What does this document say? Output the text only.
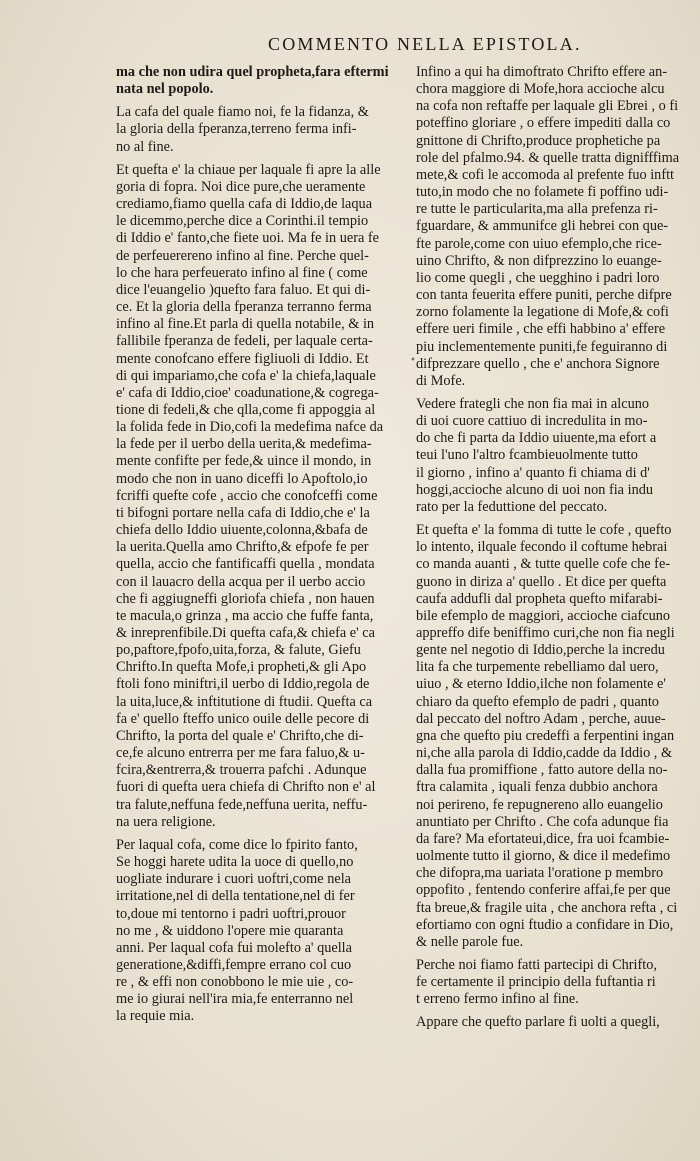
COMMENTO NELLA EPISTOLA.
ma che non udira quel propheta,fara eftermi
nata nel popolo.
La cafa del quale fiamo noi, fe la fidanza, &
la gloria della fperanza,terreno ferma infi-
no al fine.
Et quefta e' la chiaue per laquale fi apre la alle
goria di fopra. Noi dice pure,che ueramente
crediamo,fiamo quella cafa di Iddio,de laqua
le dicemmo,perche dice a Corinthi.il tempio
di Iddio e' fanto,che fiete uoi. Ma fe in uera fe
de perfeuerereno infino al fine. Perche quel-
lo che hara perfeuerato infino al fine ( come
dice l'euangelio )quefto fara faluo. Et qui di-
ce. Et la gloria della fperanza terranno ferma
infino al fine.Et parla di quella notabile, & in
fallibile fperanza de fedeli, per laquale certa-
mente conofcano effere figliuoli di Iddio. Et
di qui impariamo,che cofa e' la chiefa,laquale
e' cafa di Iddio,cioe' coadunatione,& cogrega-
tione di fedeli,& che qlla,come fi appoggia al
la folida fede in Dio,cofi la medefima nafce da
la fede per il uerbo della uerita,& medefima-
mente confifte per fede,& uince il mondo, in
modo che non in uano diceffi lo Apoftolo,io
fcriffi quefte cofe , accio che conofceffi come
ti bifogni portare nella cafa di Iddio,che e' la
chiefa dello Iddio uiuente,colonna,&bafa de
la uerita.Quella amo Chrifto,& efpofe fe per
quella, accio che fantificaffi quella , mondata
con il lauacro della acqua per il uerbo accio
che fi aggiugneffi gloriofa chiefa , non hauen
te macula,o grinza , ma accio che fuffe fanta,
& inreprenfibile.Di quefta cafa,& chiefa e' ca
po,paftore,fpofo,uita,forza, & falute, Giefu
Chrifto.In quefta Mofe,i propheti,& gli Apo
ftoli fono miniftri,il uerbo di Iddio,regola de
la uita,luce,& inftitutione di ftudii. Quefta ca
fa e' quello fteffo unico ouile delle pecore di
Chrifto, la porta del quale e' Chrifto,che di-
ce,fe alcuno entrerra per me fara faluo,& u-
fcira,&entrerra,& trouerra pafchi . Adunque
fuori di quefta uera chiefa di Chrifto non e' al
tra falute,neffuna fede,neffuna uerita, neffu-
na uera religione.
Per laqual cofa, come dice lo fpirito fanto,
Se hoggi harete udita la uoce di quello,no
uogliate indurare i cuori uoftri,come nela
irritatione,nel di della tentatione,nel di fer
to,doue mi tentorno i padri uoftri,prouor
no me , & uiddono l'opere mie quaranta
anni. Per laqual cofa fui molefto a' quella
generatione,&diffi,fempre errano col cuo
re , & effi non conobbono le mie uie , co-
me io giurai nell'ira mia,fe enterranno nel
la requie mia.
Infino a qui ha dimoftrato Chrifto effere an-
chora maggiore di Mofe,hora accioche alcu
na cofa non reftaffe per laquale gli Ebrei , o fi
poteffino gloriare , o effere impediti dalla co
gnittone di Chrifto,produce prophetiche pa
role del pfalmo.94. & quelle tratta dignifffima
mete,& cofi le accomoda al prefente fuo inftt
tuto,in modo che no folamete fi poffino udi-
re tutte le particularita,ma alla prefenza ri-
fguardare, & ammunifce gli hebrei con que-
fte parole,come con uiuo efemplo,che rice-
uino Chrifto, & non difprezzino lo euange-
lio come quegli , che uegghino i padri loro
con tanta feuerita effere puniti, perche difpre
zorno folamente la legatione di Mofe,& cofi
effere ueri fimile , che effi habbino a' effere
piu inclementemente puniti,fe feguiranno di
difprezzare quello , che e' anchora Signore
di Mofe.
Vedere frategli che non fia mai in alcuno
di uoi cuore cattiuo di incredulita in mo-
do che fi parta da Iddio uiuente,ma efort a
teui l'uno l'altro fcambieuolmente tutto
il giorno , infino a' quanto fi chiama di d'
hoggi,accioche alcuno di uoi non fia indu
rato per la feduttione del peccato.
Et quefta e' la fomma di tutte le cofe , quefto
lo intento, ilquale fecondo il coftume hebrai
co manda auanti , & tutte quelle cofe che fe-
guono in diriza a' quello . Et dice per quefta
caufa addufli dal propheta quefto mifarabi-
bile efemplo de maggiori, accioche ciafcuno
appreffo dife beniffimo curi,che non fia negli
gente nel negotio di Iddio,perche la incredu
lita fa che turpemente rebelliamo dal uero,
uiuo , & eterno Iddio,ilche non folamente e'
chiaro da quefto efemplo de padri , quanto
dal peccato del noftro Adam , perche, auue-
gna che quefto piu credeffi a ferpentini ingan
ni,che alla parola di Iddio,cadde da Iddio , &
dalla fua promiffione , fatto autore della no-
ftra calamita , iquali fenza dubbio anchora
noi perireno, fe repugnereno allo euangelio
anuntiato per Chrifto . Che cofa adunque fia
da fare? Ma efortateui,dice, fra uoi fcambie-
uolmente tutto il giorno, & dice il medefimo
che difopra,ma uariata l'oratione p membro
oppofito , fentendo conferire affai,fe per que
fta breue,& fragile uita , che anchora refta , ci
efortiamo con ogni ftudio a confidare in Dio,
& nelle parole fue.
Perche noi fiamo fatti partecipi di Chrifto,
fe certamente il principio della fuftantia ri
t erreno fermo infino al fine.
Appare che quefto parlare fi uolti a quegli,
•
